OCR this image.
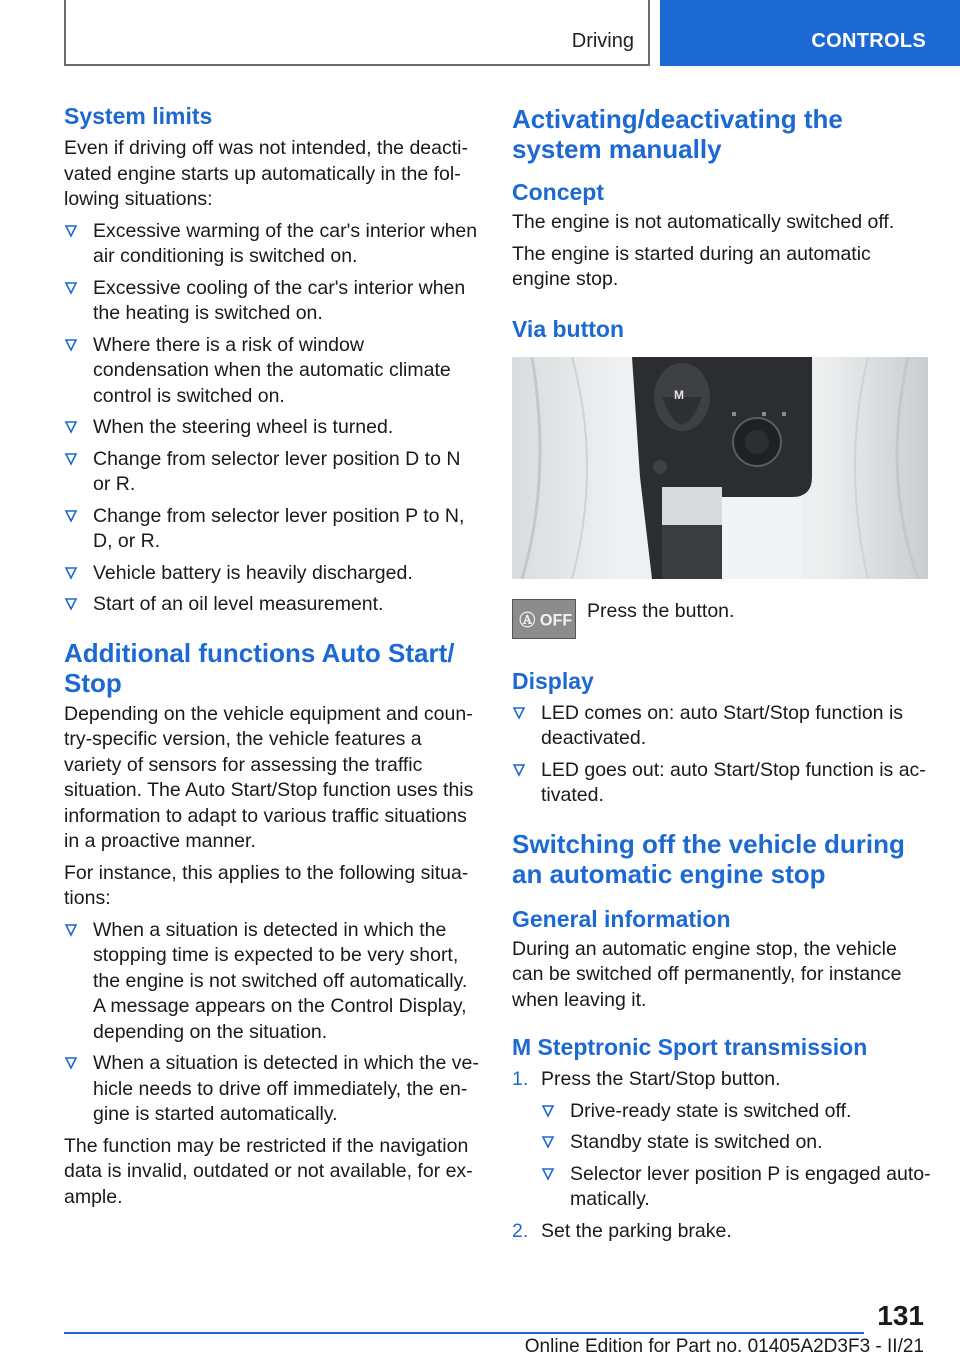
Driving	CONTROLS
System limits
Even if driving off was not intended, the deacti-vated engine starts up automatically in the fol-lowing situations:
Excessive warming of the car's interior when air conditioning is switched on.
Excessive cooling of the car's interior when the heating is switched on.
Where there is a risk of window condensation when the automatic climate control is switched on.
When the steering wheel is turned.
Change from selector lever position D to N or R.
Change from selector lever position P to N, D, or R.
Vehicle battery is heavily discharged.
Start of an oil level measurement.
Additional functions Auto Start/ Stop
Depending on the vehicle equipment and coun-try-specific version, the vehicle features a variety of sensors for assessing the traffic situation. The Auto Start/Stop function uses this information to adapt to various traffic situations in a proactive manner.
For instance, this applies to the following situa-tions:
When a situation is detected in which the stopping time is expected to be very short, the engine is not switched off automatically. A message appears on the Control Display, depending on the situation.
When a situation is detected in which the ve-hicle needs to drive off immediately, the en-gine is started automatically.
The function may be restricted if the navigation data is invalid, outdated or not available, for ex-ample.
Activating/deactivating the system manually
Concept
The engine is not automatically switched off.
The engine is started during an automatic engine stop.
Via button
M
Ⓐ OFF Press the button.
Display
LED comes on: auto Start/Stop function is deactivated.
LED goes out: auto Start/Stop function is ac-tivated.
Switching off the vehicle during an automatic engine stop
General information
During an automatic engine stop, the vehicle can be switched off permanently, for instance when leaving it.
M Steptronic Sport transmission
1. Press the Start/Stop button.
Drive-ready state is switched off.
Standby state is switched on.
Selector lever position P is engaged auto-matically.
2. Set the parking brake.
131
Online Edition for Part no. 01405A2D3F3 - II/21
